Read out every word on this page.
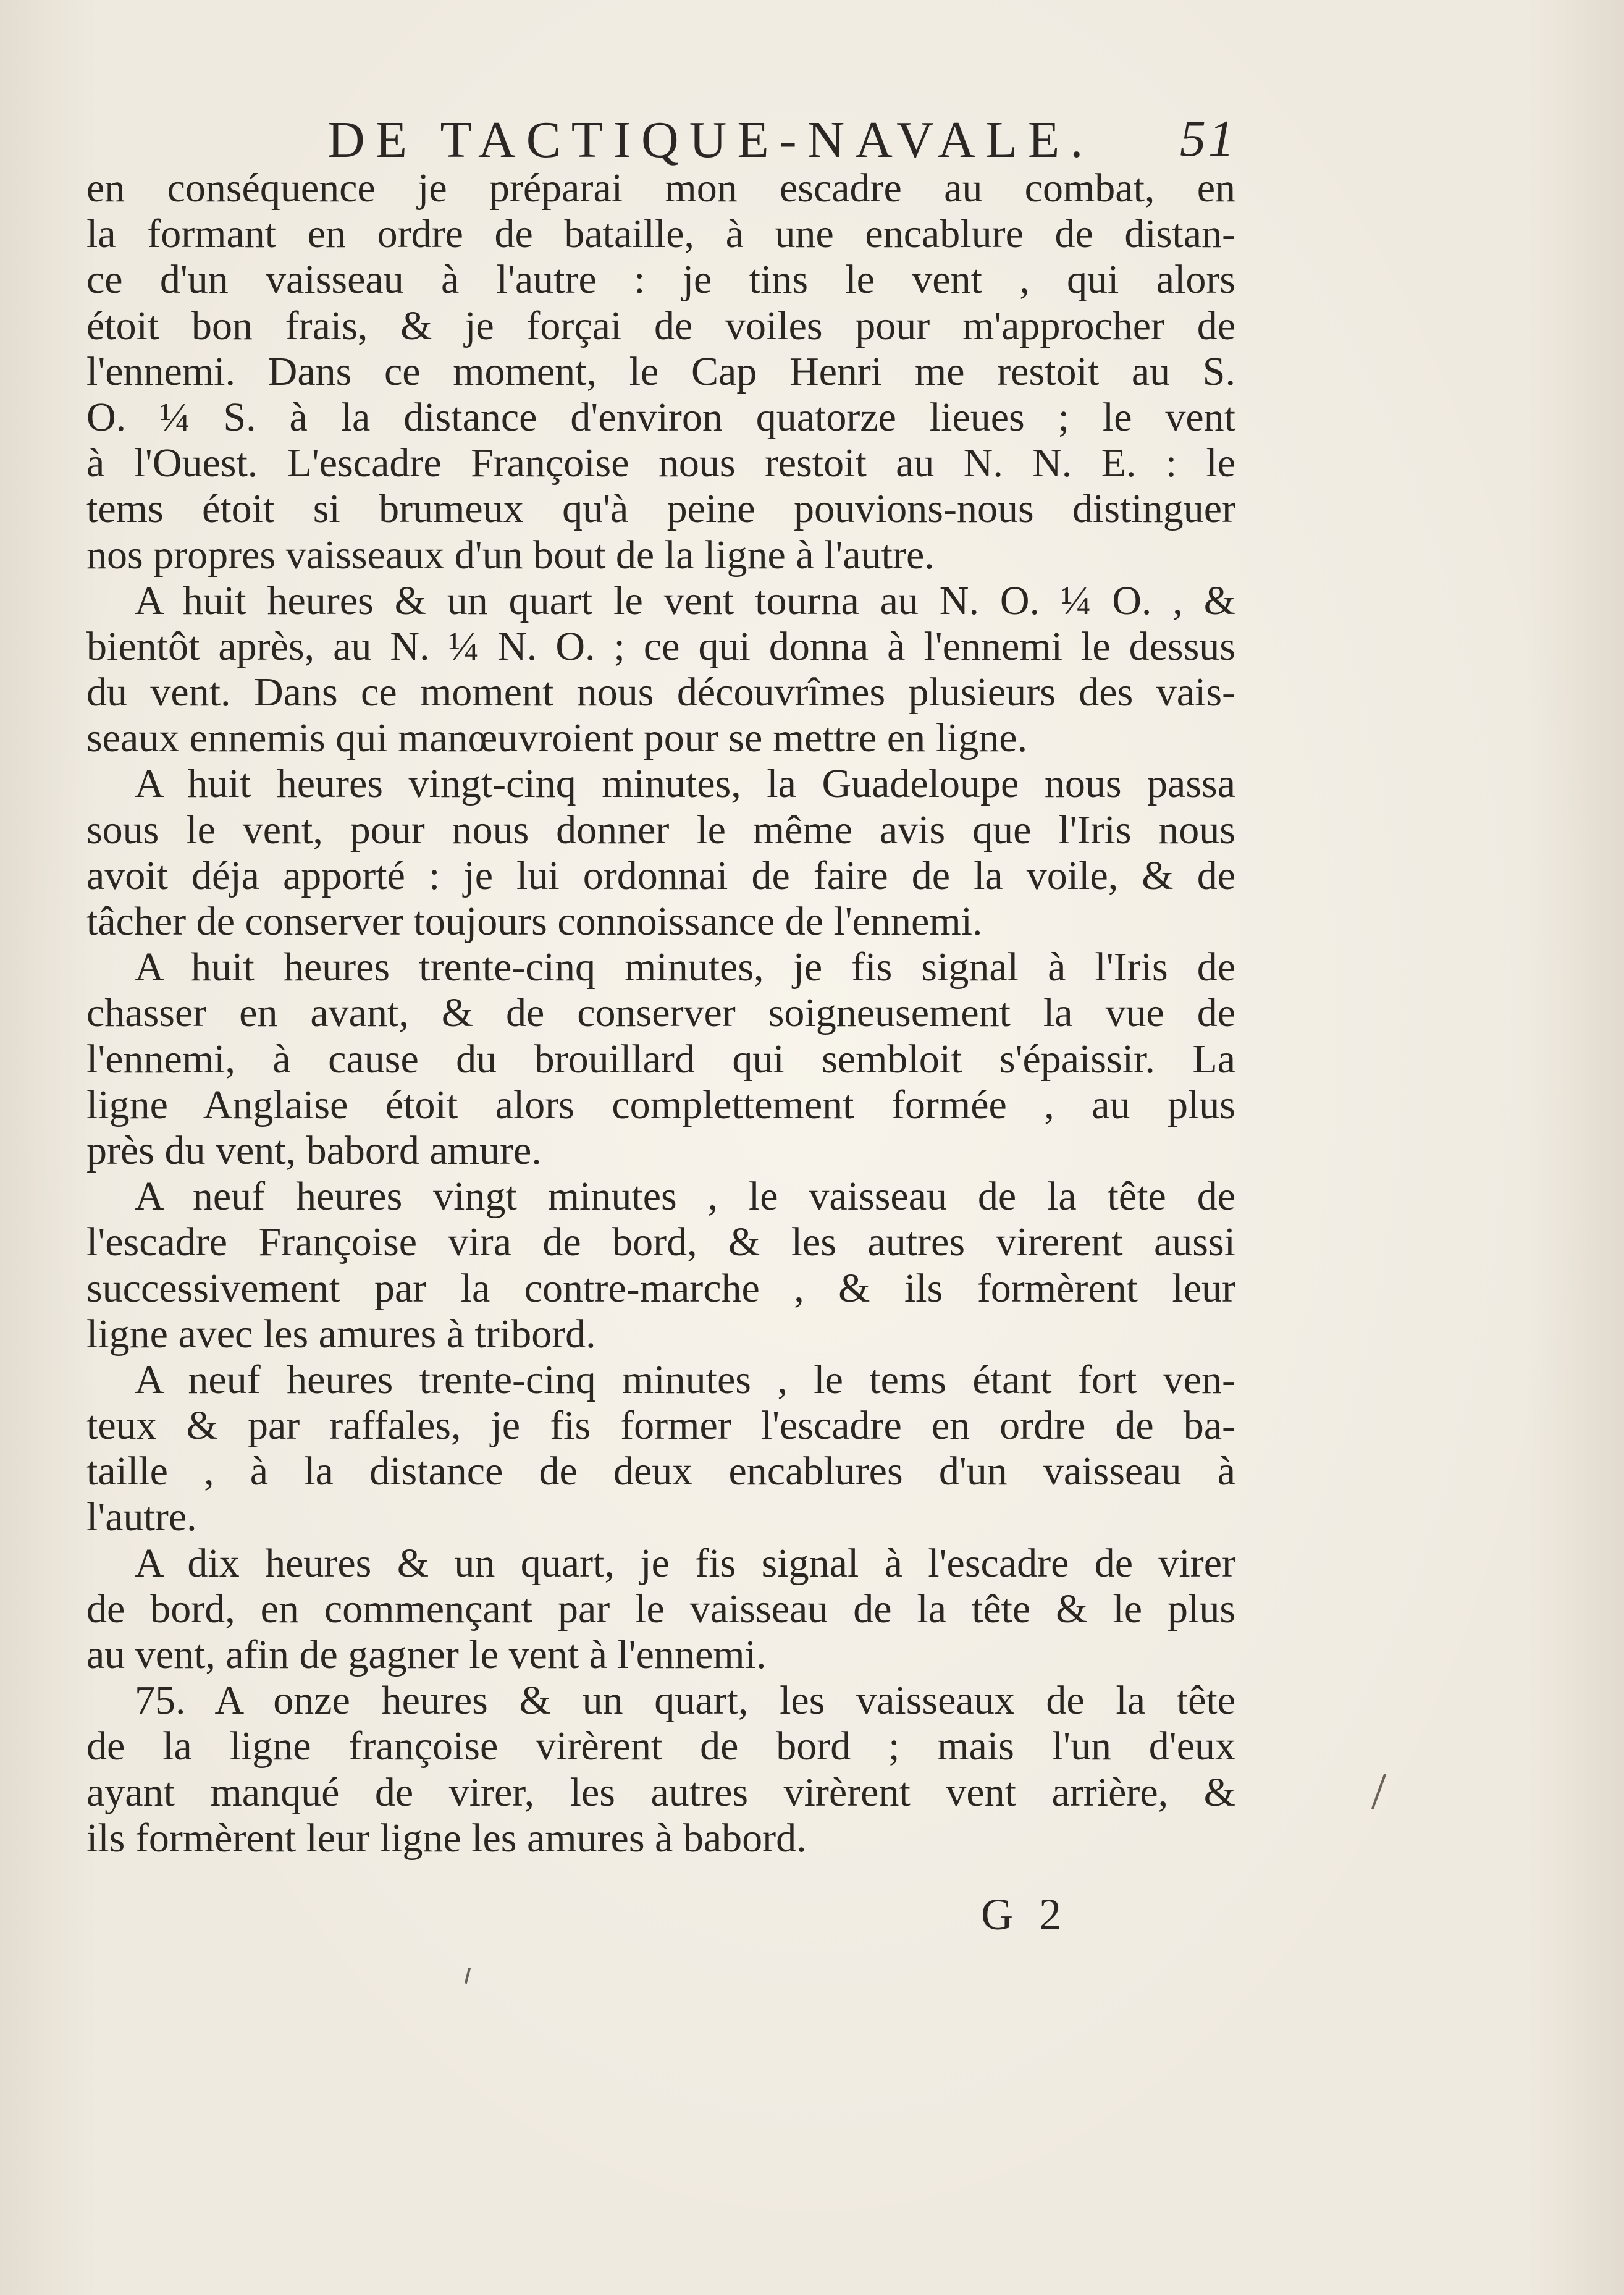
DE TACTIQUE-NAVALE. 51
en conséquence je préparai mon escadre au combat, en
la formant en ordre de bataille, à une encablure de distan-
ce d'un vaisseau à l'autre : je tins le vent , qui alors
étoit bon frais, & je forçai de voiles pour m'approcher de
l'ennemi. Dans ce moment, le Cap Henri me restoit au S.
O. ¼ S. à la distance d'environ quatorze lieues ; le vent
à l'Ouest. L'escadre Françoise nous restoit au N. N. E. : le
tems étoit si brumeux qu'à peine pouvions-nous distinguer
nos propres vaisseaux d'un bout de la ligne à l'autre.
A huit heures & un quart le vent tourna au N. O. ¼ O. , &
bientôt après, au N. ¼ N. O. ; ce qui donna à l'ennemi le dessus
du vent. Dans ce moment nous découvrîmes plusieurs des vais-
seaux ennemis qui manœuvroient pour se mettre en ligne.
A huit heures vingt-cinq minutes, la Guadeloupe nous passa
sous le vent, pour nous donner le même avis que l'Iris nous
avoit déja apporté : je lui ordonnai de faire de la voile, & de
tâcher de conserver toujours connoissance de l'ennemi.
A huit heures trente-cinq minutes, je fis signal à l'Iris de
chasser en avant, & de conserver soigneusement la vue de
l'ennemi, à cause du brouillard qui sembloit s'épaissir. La
ligne Anglaise étoit alors complettement formée , au plus
près du vent, babord amure.
A neuf heures vingt minutes , le vaisseau de la tête de
l'escadre Françoise vira de bord, & les autres virerent aussi
successivement par la contre-marche , & ils formèrent leur
ligne avec les amures à tribord.
A neuf heures trente-cinq minutes , le tems étant fort ven-
teux & par raffales, je fis former l'escadre en ordre de ba-
taille , à la distance de deux encablures d'un vaisseau à
l'autre.
A dix heures & un quart, je fis signal à l'escadre de virer
de bord, en commençant par le vaisseau de la tête & le plus
au vent, afin de gagner le vent à l'ennemi.
75. A onze heures & un quart, les vaisseaux de la tête
de la ligne françoise virèrent de bord ; mais l'un d'eux
ayant manqué de virer, les autres virèrent vent arrière, &
ils formèrent leur ligne les amures à babord.
G 2
